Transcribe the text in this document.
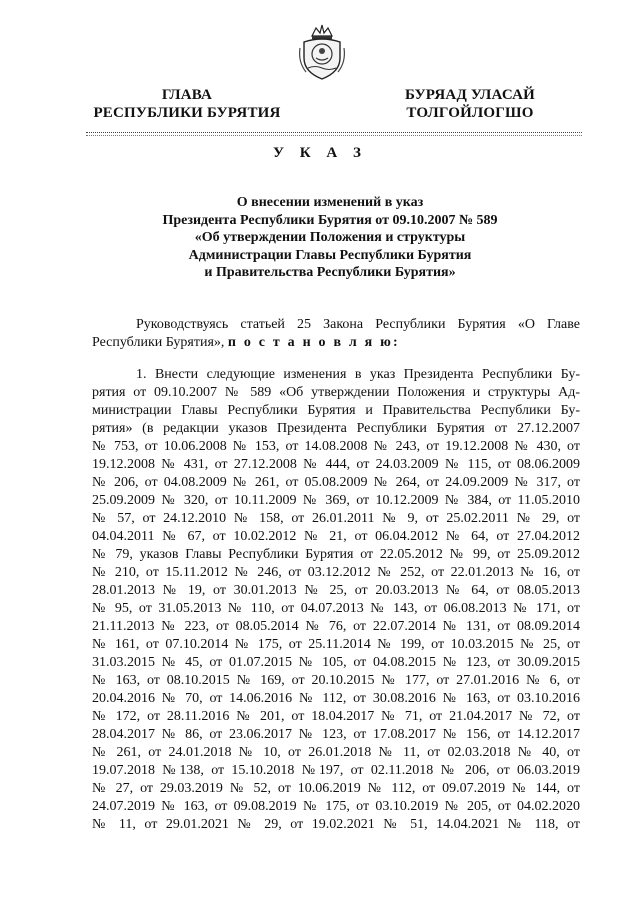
ГЛАВА
РЕСПУБЛИКИ БУРЯТИЯ
БУРЯАД УЛАСАЙ
ТОЛГОЙЛОГШО
У К А З
О внесении изменений в указ
Президента Республики Бурятия от 09.10.2007 № 589
«Об утверждении Положения и структуры
Администрации Главы Республики Бурятия
и Правительства Республики Бурятия»
Руководствуясь статьей 25 Закона Республики Бурятия «О Главе
Республики Бурятия», п о с т а н о в л я ю:
1. Внести следующие изменения в указ Президента Республики Бу-
рятия от 09.10.2007 № 589 «Об утверждении Положения и структуры Ад-
министрации Главы Республики Бурятия и Правительства Республики Бу-
рятия» (в редакции указов Президента Республики Бурятия от 27.12.2007
№ 753, от 10.06.2008 № 153, от 14.08.2008 № 243, от 19.12.2008 № 430, от
19.12.2008 № 431, от 27.12.2008 № 444, от 24.03.2009 № 115, от 08.06.2009
№ 206, от 04.08.2009 № 261, от 05.08.2009 № 264, от 24.09.2009 № 317, от
25.09.2009 № 320, от 10.11.2009 № 369, от 10.12.2009 № 384, от 11.05.2010
№ 57, от 24.12.2010 № 158, от 26.01.2011 № 9, от 25.02.2011 № 29, от
04.04.2011 № 67, от 10.02.2012 № 21, от 06.04.2012 № 64, от 27.04.2012
№ 79, указов Главы Республики Бурятия от 22.05.2012 № 99, от 25.09.2012
№ 210, от 15.11.2012 № 246, от 03.12.2012 № 252, от 22.01.2013 № 16, от
28.01.2013 № 19, от 30.01.2013 № 25, от 20.03.2013 № 64, от 08.05.2013
№ 95, от 31.05.2013 № 110, от 04.07.2013 № 143, от 06.08.2013 № 171, от
21.11.2013 № 223, от 08.05.2014 № 76, от 22.07.2014 № 131, от 08.09.2014
№ 161, от 07.10.2014 № 175, от 25.11.2014 № 199, от 10.03.2015 № 25, от
31.03.2015 № 45, от 01.07.2015 № 105, от 04.08.2015 № 123, от 30.09.2015
№ 163, от 08.10.2015 № 169, от 20.10.2015 № 177, от 27.01.2016 № 6, от
20.04.2016 № 70, от 14.06.2016 № 112, от 30.08.2016 № 163, от 03.10.2016
№ 172, от 28.11.2016 № 201, от 18.04.2017 № 71, от 21.04.2017 № 72, от
28.04.2017 № 86, от 23.06.2017 № 123, от 17.08.2017 № 156, от 14.12.2017
№ 261, от 24.01.2018 № 10, от 26.01.2018 № 11, от 02.03.2018 № 40, от
19.07.2018 №138, от 15.10.2018 №197, от 02.11.2018 № 206, от 06.03.2019
№ 27, от 29.03.2019 № 52, от 10.06.2019 № 112, от 09.07.2019 № 144, от
24.07.2019 № 163, от 09.08.2019 № 175, от 03.10.2019 № 205, от 04.02.2020
№ 11, от 29.01.2021 № 29, от 19.02.2021 № 51, 14.04.2021 № 118, от
